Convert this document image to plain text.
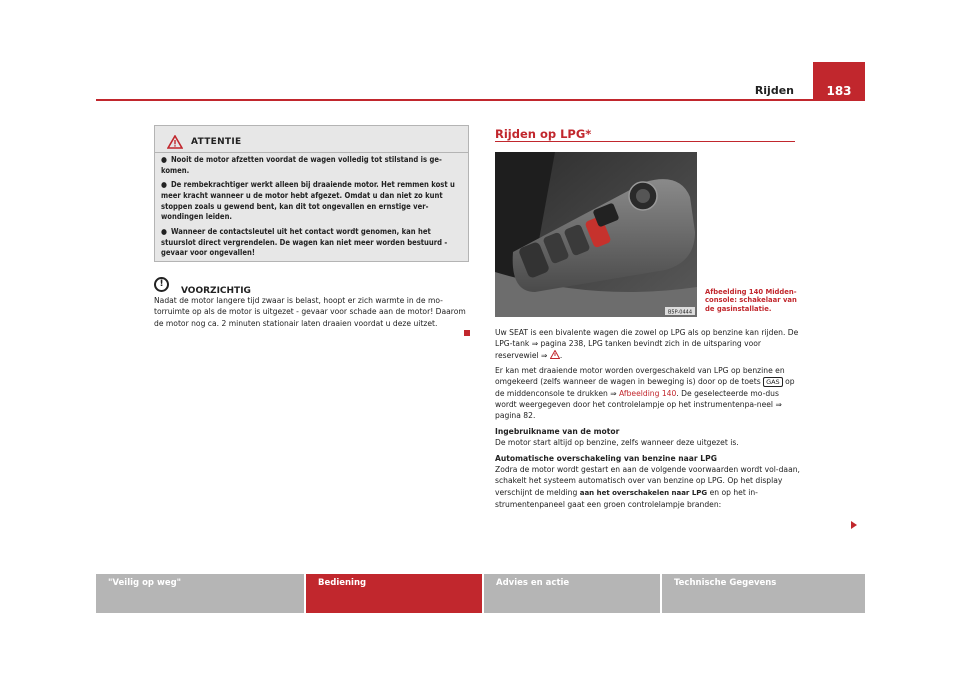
183
Rijden
ATTENTIE
● Nooit de motor afzetten voordat de wagen volledig tot stilstand is ge-komen.
● De rembekrachtiger werkt alleen bij draaiende motor. Het remmen kost u meer kracht wanneer u de motor hebt afgezet. Omdat u dan niet zo kunt stoppen zoals u gewend bent, kan dit tot ongevallen en ernstige ver-wondingen leiden.
● Wanneer de contactsleutel uit het contact wordt genomen, kan het stuurslot direct vergrendelen. De wagen kan niet meer worden bestuurd - gevaar voor ongevallen!
!
VOORZICHTIG
Nadat de motor langere tijd zwaar is belast, hoopt er zich warmte in de mo-torruimte op als de motor is uitgezet - gevaar voor schade aan de motor! Daarom de motor nog ca. 2 minuten stationair laten draaien voordat u deze uitzet.
Rijden op LPG*
B5P-0444
Afbeelding 140 Midden-console: schakelaar van de gasinstallatie.

Uw SEAT is een bivalente wagen die zowel op LPG als op benzine kan rijden. De LPG-tank ⇒ pagina 238, LPG tanken bevindt zich in de uitsparing voor reservewiel ⇒ .

Er kan met draaiende motor worden overgeschakeld van LPG op benzine en omgekeerd (zelfs wanneer de wagen in beweging is) door op de toets GAS op de middenconsole te drukken ⇒ Afbeelding 140. De geselecteerde mo-dus wordt weergegeven door het controlelampje op het instrumentenpa-neel ⇒ pagina 82.

Ingebruikname van de motor

De motor start altijd op benzine, zelfs wanneer deze uitgezet is.

Automatische overschakeling van benzine naar LPG

Zodra de motor wordt gestart en aan de volgende voorwaarden wordt vol-daan, schakelt het systeem automatisch over van benzine op LPG. Op het display verschijnt de melding aan het overschakelen naar LPG en op het in-strumentenpaneel gaat een groen controlelampje branden:

"Veilig op weg"	Bediening	Advies en actie	Technische Gegevens
